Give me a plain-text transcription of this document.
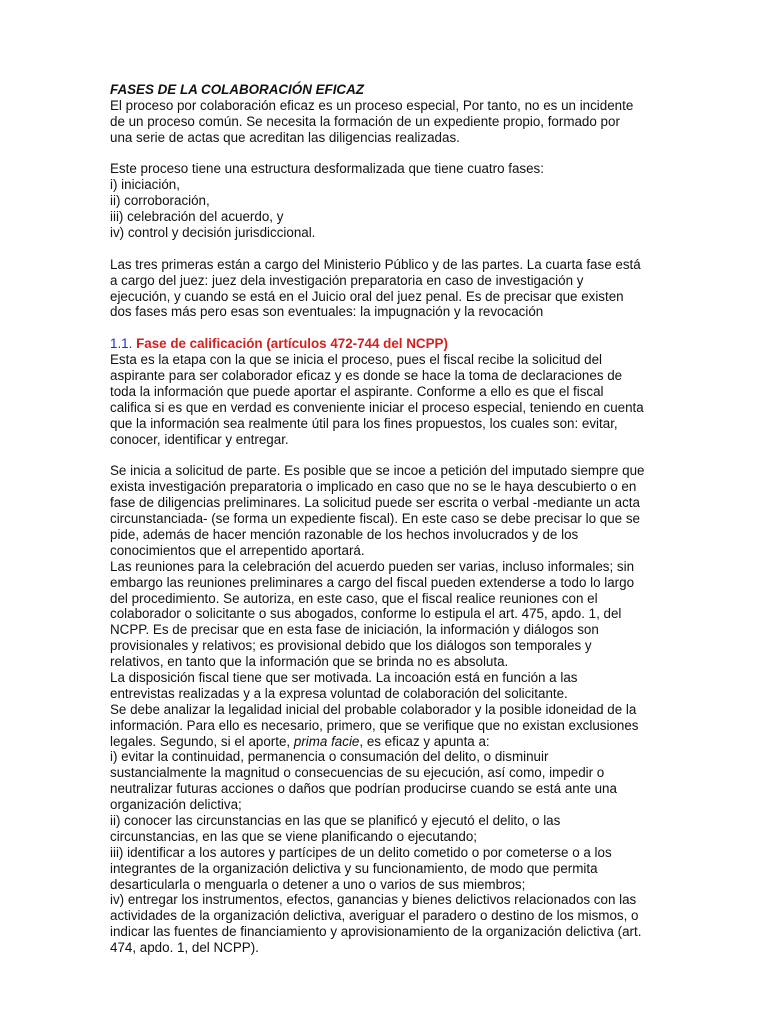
FASES DE LA COLABORACIÓN EFICAZ
El proceso por colaboración eficaz es un proceso especial, Por tanto, no es un incidente
de un proceso común. Se necesita la formación de un expediente propio, formado por
una serie de actas que acreditan las diligencias realizadas.
Este proceso tiene una estructura desformalizada que tiene cuatro fases:
i) iniciación,
ii) corroboración,
iii) celebración del acuerdo, y
iv) control y decisión jurisdiccional.
Las tres primeras están a cargo del Ministerio Público y de las partes. La cuarta fase está
a cargo del juez: juez dela investigación preparatoria en caso de investigación y
ejecución, y cuando se está en el Juicio oral del juez penal. Es de precisar que existen
dos fases más pero esas son eventuales: la impugnación y la revocación
1.1. Fase de calificación (artículos 472-744 del NCPP)
Esta es la etapa con la que se inicia el proceso, pues el fiscal recibe la solicitud del
aspirante para ser colaborador eficaz y es donde se hace la toma de declaraciones de
toda la información que puede aportar el aspirante. Conforme a ello es que el fiscal
califica si es que en verdad es conveniente iniciar el proceso especial, teniendo en cuenta
que la información sea realmente útil para los fines propuestos, los cuales son: evitar,
conocer, identificar y entregar.
Se inicia a solicitud de parte. Es posible que se incoe a petición del imputado siempre que
exista investigación preparatoria o implicado en caso que no se le haya descubierto o en
fase de diligencias preliminares. La solicitud puede ser escrita o verbal -mediante un acta
circunstanciada- (se forma un expediente fiscal). En este caso se debe precisar lo que se
pide, además de hacer mención razonable de los hechos involucrados y de los
conocimientos que el arrepentido aportará.
Las reuniones para la celebración del acuerdo pueden ser varias, incluso informales; sin
embargo las reuniones preliminares a cargo del fiscal pueden extenderse a todo lo largo
del procedimiento. Se autoriza, en este caso, que el fiscal realice reuniones con el
colaborador o solicitante o sus abogados, conforme lo estipula el art. 475, apdo. 1, del
NCPP. Es de precisar que en esta fase de iniciación, la información y diálogos son
provisionales y relativos; es provisional debido que los diálogos son temporales y
relativos, en tanto que la información que se brinda no es absoluta.
La disposición fiscal tiene que ser motivada. La incoación está en función a las
entrevistas realizadas y a la expresa voluntad de colaboración del solicitante.
Se debe analizar la legalidad inicial del probable colaborador y la posible idoneidad de la
información. Para ello es necesario, primero, que se verifique que no existan exclusiones
legales. Segundo, si el aporte, prima facie, es eficaz y apunta a:
i) evitar la continuidad, permanencia o consumación del delito, o disminuir
sustancialmente la magnitud o consecuencias de su ejecución, así como, impedir o
neutralizar futuras acciones o daños que podrían producirse cuando se está ante una
organización delictiva;
ii) conocer las circunstancias en las que se planificó y ejecutó el delito, o las
circunstancias, en las que se viene planificando o ejecutando;
iii) identificar a los autores y partícipes de un delito cometido o por cometerse o a los
integrantes de la organización delictiva y su funcionamiento, de modo que permita
desarticularla o menguarla o detener a uno o varios de sus miembros;
iv) entregar los instrumentos, efectos, ganancias y bienes delictivos relacionados con las
actividades de la organización delictiva, averiguar el paradero o destino de los mismos, o
indicar las fuentes de financiamiento y aprovisionamiento de la organización delictiva (art.
474, apdo. 1, del NCPP).
